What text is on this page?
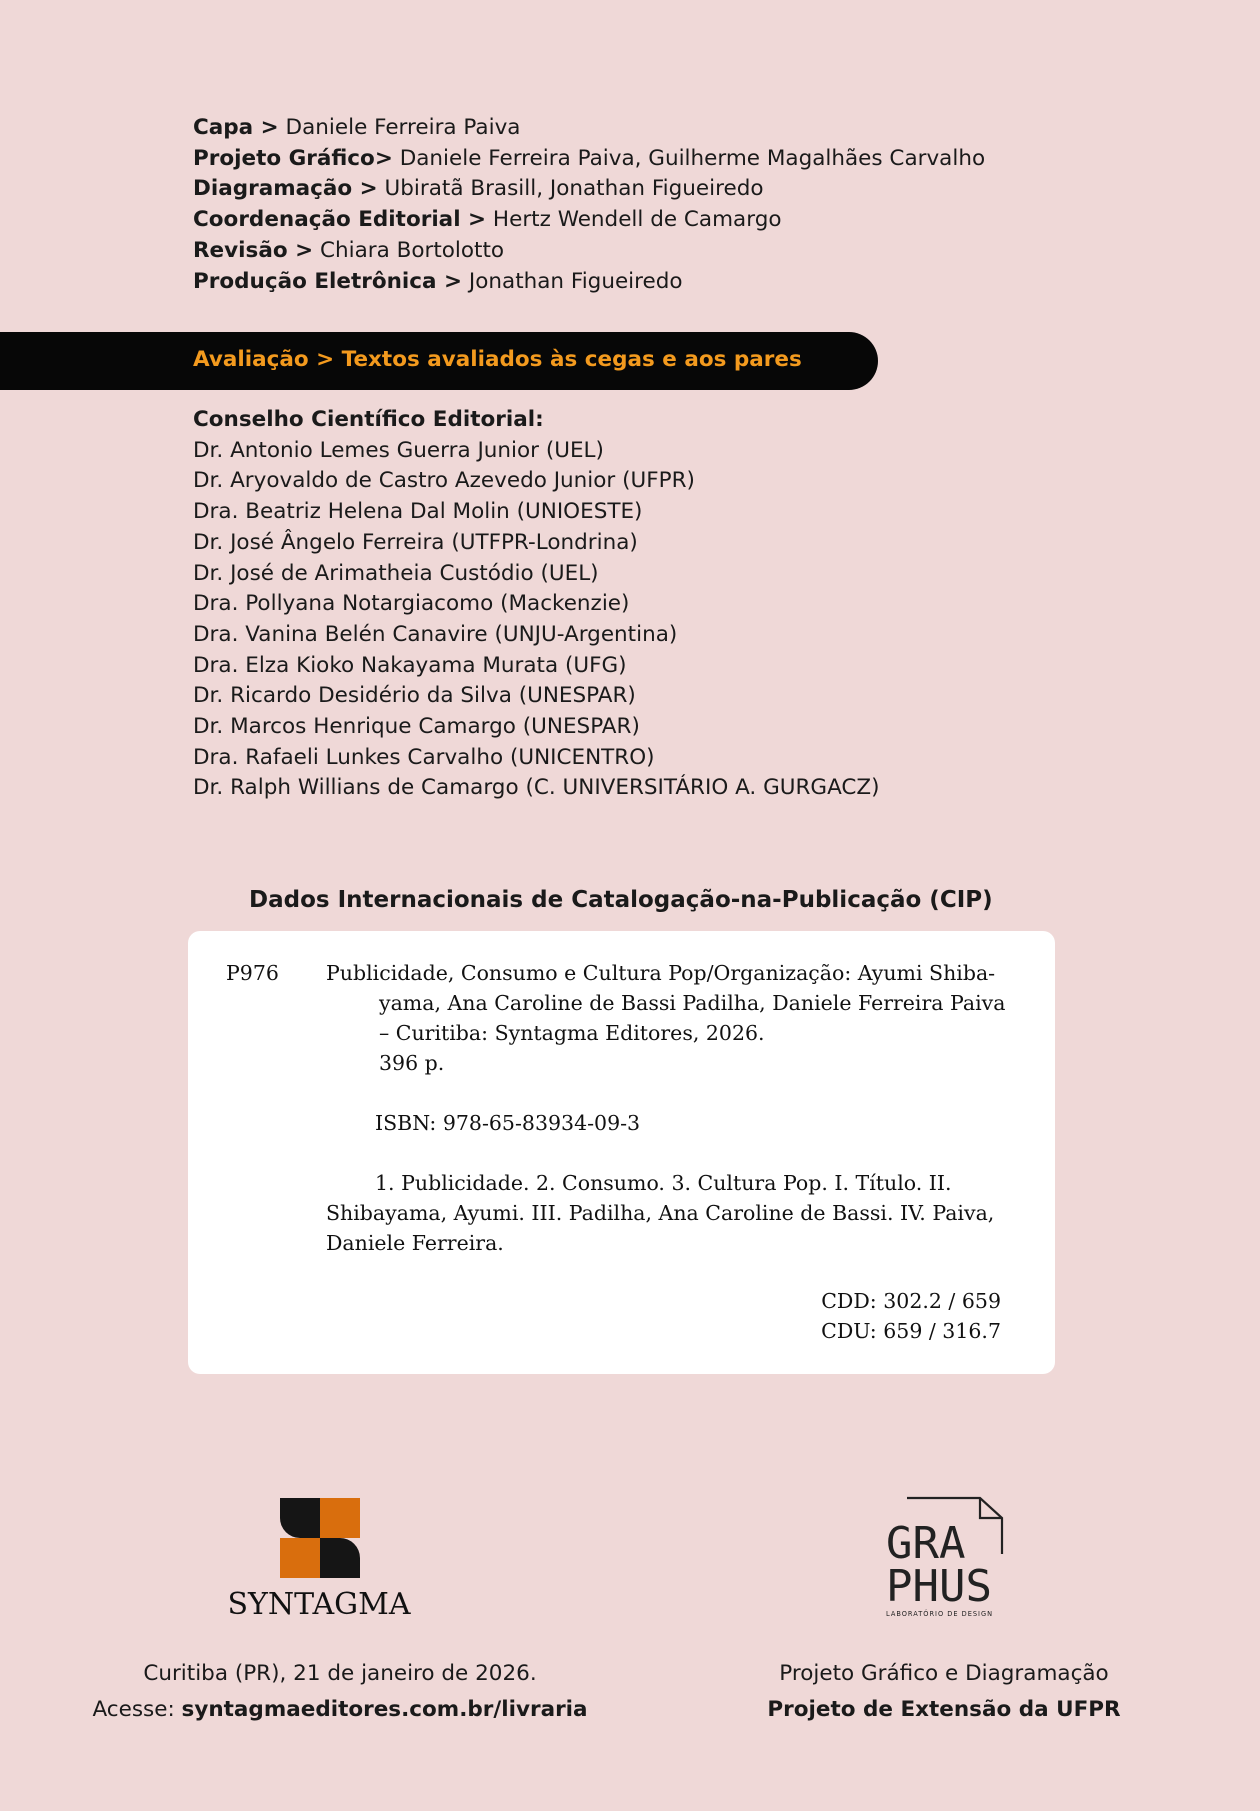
Capa > Daniele Ferreira Paiva
Projeto Gráfico> Daniele Ferreira Paiva, Guilherme Magalhães Carvalho
Diagramação > Ubiratã Brasill, Jonathan Figueiredo
Coordenação Editorial > Hertz Wendell de Camargo
Revisão > Chiara Bortolotto
Produção Eletrônica > Jonathan Figueiredo
Avaliação > Textos avaliados às cegas e aos pares
Conselho Científico Editorial:
Dr. Antonio Lemes Guerra Junior (UEL)
Dr. Aryovaldo de Castro Azevedo Junior (UFPR)
Dra. Beatriz Helena Dal Molin (UNIOESTE)
Dr. José Ângelo Ferreira (UTFPR-Londrina)
Dr. José de Arimatheia Custódio (UEL)
Dra. Pollyana Notargiacomo (Mackenzie)
Dra. Vanina Belén Canavire (UNJU-Argentina)
Dra. Elza Kioko Nakayama Murata (UFG)
Dr. Ricardo Desidério da Silva (UNESPAR)
Dr. Marcos Henrique Camargo (UNESPAR)
Dra. Rafaeli Lunkes Carvalho (UNICENTRO)
Dr. Ralph Willians de Camargo (C. UNIVERSITÁRIO A. GURGACZ)
Dados Internacionais de Catalogação-na-Publicação (CIP)
P976 Publicidade, Consumo e Cultura Pop/Organização: Ayumi Shiba-
yama, Ana Caroline de Bassi Padilha, Daniele Ferreira Paiva
– Curitiba: Syntagma Editores, 2026.
396 p.
ISBN: 978-65-83934-09-3
1. Publicidade. 2. Consumo. 3. Cultura Pop. I. Título. II.
Shibayama, Ayumi. III. Padilha, Ana Caroline de Bassi. IV. Paiva,
Daniele Ferreira.
CDD: 302.2 / 659
CDU: 659 / 316.7
SYNTAGMA
GRA
PHUS
LABORATÓRIO DE DESIGN
Curitiba (PR), 21 de janeiro de 2026.
Acesse: syntagmaeditores.com.br/livraria
Projeto Gráfico e Diagramação
Projeto de Extensão da UFPR
